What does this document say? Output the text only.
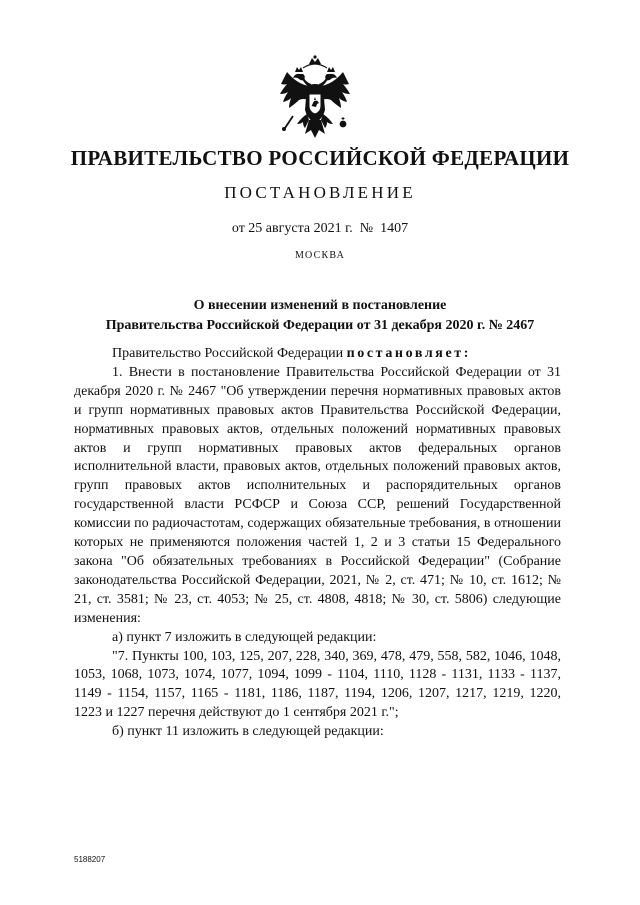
ПРАВИТЕЛЬСТВО РОССИЙСКОЙ ФЕДЕРАЦИИ
ПОСТАНОВЛЕНИЕ
от 25 августа 2021 г.  №  1407
МОСКВА
О внесении изменений в постановление
Правительства Российской Федерации от 31 декабря 2020 г. № 2467

Правительство Российской Федерации постановляет:

1. Внести в постановление Правительства Российской Федерации от 31 декабря 2020 г. № 2467 "Об утверждении перечня нормативных правовых актов и групп нормативных правовых актов Правительства Российской Федерации, нормативных правовых актов, отдельных положений нормативных правовых актов и групп нормативных правовых актов федеральных органов исполнительной власти, правовых актов, отдельных положений правовых актов, групп правовых актов исполнительных и распорядительных органов государственной власти РСФСР и Союза ССР, решений Государственной комиссии по радиочастотам, содержащих обязательные требования, в отношении которых не применяются положения частей 1, 2 и 3 статьи 15 Федерального закона "Об обязательных требованиях в Российской Федерации" (Собрание законодательства Российской Федерации, 2021, № 2, ст. 471; № 10, ст. 1612; № 21, ст. 3581; № 23, ст. 4053; № 25, ст. 4808, 4818; № 30, ст. 5806) следующие изменения:

а) пункт 7 изложить в следующей редакции:

"7. Пункты 100, 103, 125, 207, 228, 340, 369, 478, 479, 558, 582, 1046, 1048, 1053, 1068, 1073, 1074, 1077, 1094, 1099 - 1104, 1110, 1128 - 1131, 1133 - 1137, 1149 - 1154, 1157, 1165 - 1181, 1186, 1187, 1194, 1206, 1207, 1217, 1219, 1220, 1223 и 1227 перечня действуют до 1 сентября 2021 г.";

б) пункт 11 изложить в следующей редакции:

5188207
